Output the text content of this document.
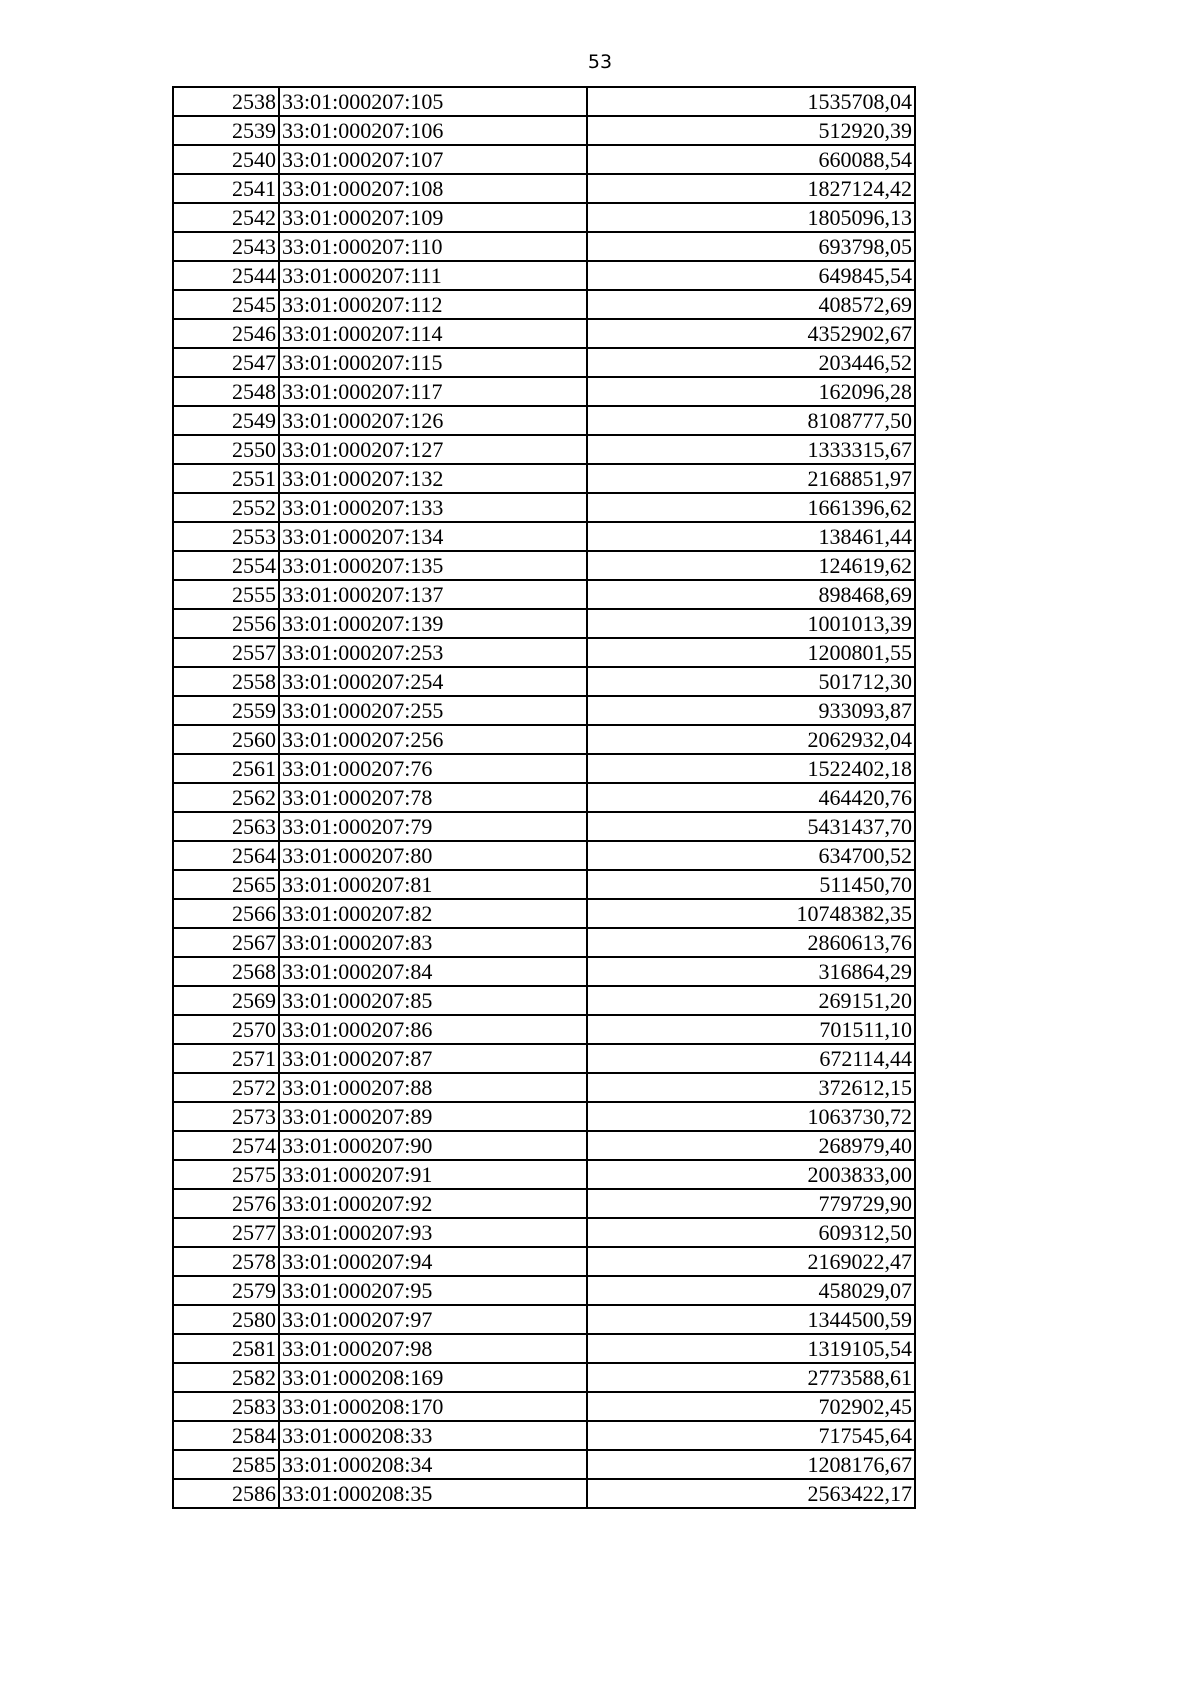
53
2538	33:01:000207:105	1535708,04
2539	33:01:000207:106	512920,39
2540	33:01:000207:107	660088,54
2541	33:01:000207:108	1827124,42
2542	33:01:000207:109	1805096,13
2543	33:01:000207:110	693798,05
2544	33:01:000207:111	649845,54
2545	33:01:000207:112	408572,69
2546	33:01:000207:114	4352902,67
2547	33:01:000207:115	203446,52
2548	33:01:000207:117	162096,28
2549	33:01:000207:126	8108777,50
2550	33:01:000207:127	1333315,67
2551	33:01:000207:132	2168851,97
2552	33:01:000207:133	1661396,62
2553	33:01:000207:134	138461,44
2554	33:01:000207:135	124619,62
2555	33:01:000207:137	898468,69
2556	33:01:000207:139	1001013,39
2557	33:01:000207:253	1200801,55
2558	33:01:000207:254	501712,30
2559	33:01:000207:255	933093,87
2560	33:01:000207:256	2062932,04
2561	33:01:000207:76	1522402,18
2562	33:01:000207:78	464420,76
2563	33:01:000207:79	5431437,70
2564	33:01:000207:80	634700,52
2565	33:01:000207:81	511450,70
2566	33:01:000207:82	10748382,35
2567	33:01:000207:83	2860613,76
2568	33:01:000207:84	316864,29
2569	33:01:000207:85	269151,20
2570	33:01:000207:86	701511,10
2571	33:01:000207:87	672114,44
2572	33:01:000207:88	372612,15
2573	33:01:000207:89	1063730,72
2574	33:01:000207:90	268979,40
2575	33:01:000207:91	2003833,00
2576	33:01:000207:92	779729,90
2577	33:01:000207:93	609312,50
2578	33:01:000207:94	2169022,47
2579	33:01:000207:95	458029,07
2580	33:01:000207:97	1344500,59
2581	33:01:000207:98	1319105,54
2582	33:01:000208:169	2773588,61
2583	33:01:000208:170	702902,45
2584	33:01:000208:33	717545,64
2585	33:01:000208:34	1208176,67
2586	33:01:000208:35	2563422,17
